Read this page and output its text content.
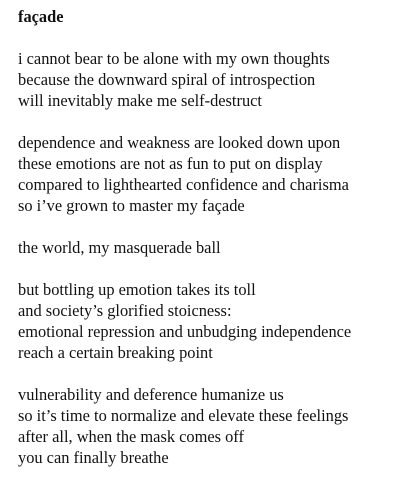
façade
i cannot bear to be alone with my own thoughts
because the downward spiral of introspection
will inevitably make me self-destruct
dependence and weakness are looked down upon
these emotions are not as fun to put on display
compared to lighthearted confidence and charisma
so i’ve grown to master my façade
the world, my masquerade ball
but bottling up emotion takes its toll
and society’s glorified stoicness:
emotional repression and unbudging independence
reach a certain breaking point
vulnerability and deference humanize us
so it’s time to normalize and elevate these feelings
after all, when the mask comes off
you can finally breathe
